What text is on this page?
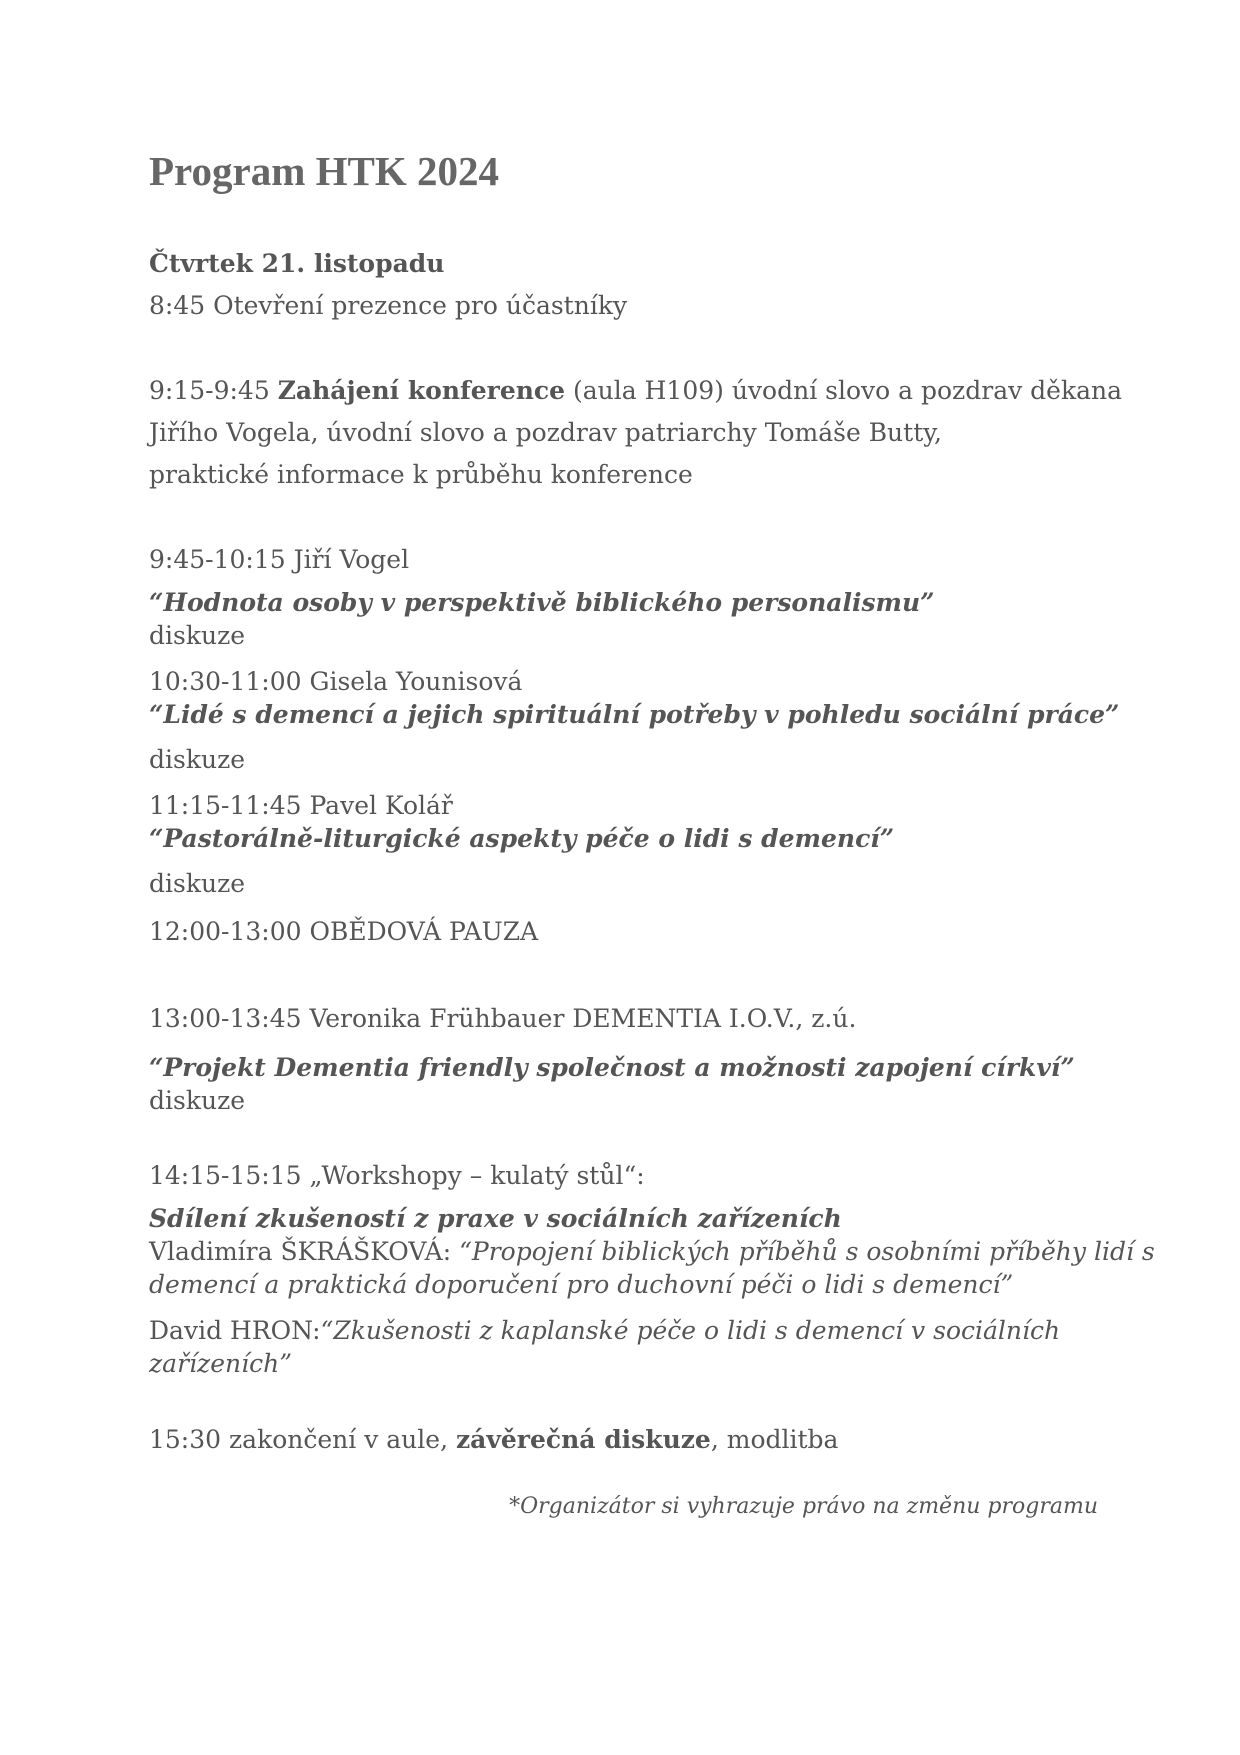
Program HTK 2024
Čtvrtek 21. listopadu
8:45 Otevření prezence pro účastníky
9:15-9:45 Zahájení konference (aula H109) úvodní slovo a pozdrav děkana
Jiřího Vogela, úvodní slovo a pozdrav patriarchy Tomáše Butty,
praktické informace k průběhu konference
9:45-10:15 Jiří Vogel
“Hodnota osoby v perspektivě biblického personalismu”
diskuze
10:30-11:00 Gisela Younisová
“Lidé s demencí a jejich spirituální potřeby v pohledu sociální práce”
diskuze
11:15-11:45 Pavel Kolář
“Pastorálně-liturgické aspekty péče o lidi s demencí”
diskuze
12:00-13:00 OBĚDOVÁ PAUZA
13:00-13:45 Veronika Frühbauer DEMENTIA I.O.V., z.ú.
“Projekt Dementia friendly společnost a možnosti zapojení církví”
diskuze
14:15-15:15 „Workshopy – kulatý stůl“:
Sdílení zkušeností z praxe v sociálních zařízeních
Vladimíra ŠKRÁŠKOVÁ: “Propojení biblických příběhů s osobními příběhy lidí s
demencí a praktická doporučení pro duchovní péči o lidi s demencí”
David HRON:“Zkušenosti z kaplanské péče o lidi s demencí v sociálních
zařízeních”
15:30 zakončení v aule, závěrečná diskuze, modlitba
*Organizátor si vyhrazuje právo na změnu programu
